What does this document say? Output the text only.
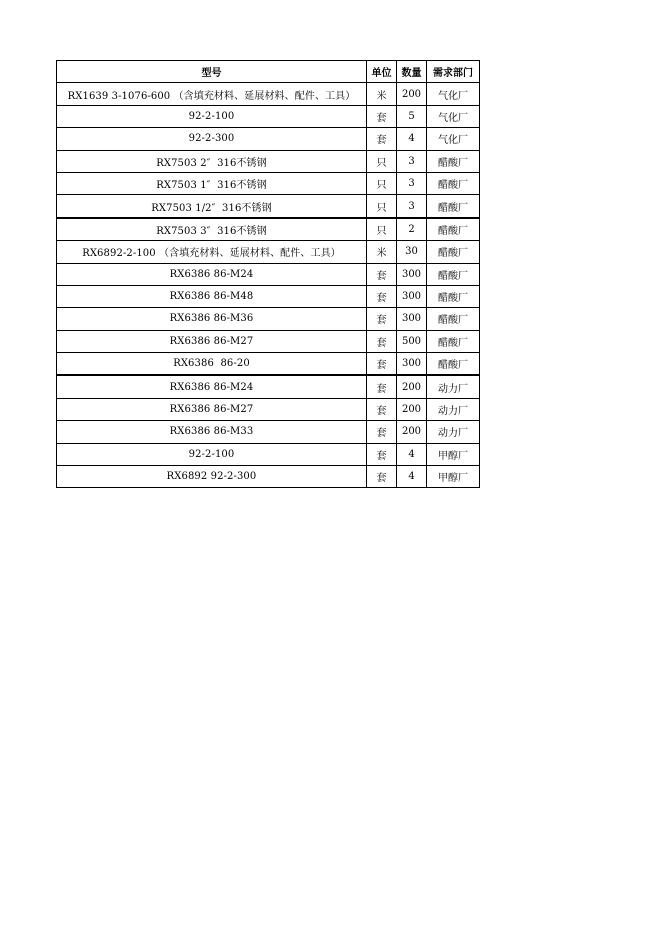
型号	单位	数量	需求部门
RX1639 3-1076-600 （含填充材料、延展材料、配件、工具）	米	200	气化厂
92-2-100	套	5	气化厂
92-2-300	套	4	气化厂
RX7503 2″  316不锈钢	只	3	醋酸厂
RX7503 1″  316不锈钢	只	3	醋酸厂
RX7503 1/2″  316不锈钢	只	3	醋酸厂
RX7503 3″  316不锈钢	只	2	醋酸厂
RX6892-2-100 （含填充材料、延展材料、配件、工具）	米	30	醋酸厂
RX6386 86-M24	套	300	醋酸厂
RX6386 86-M48	套	300	醋酸厂
RX6386 86-M36	套	300	醋酸厂
RX6386 86-M27	套	500	醋酸厂
RX6386  86-20	套	300	醋酸厂
RX6386 86-M24	套	200	动力厂
RX6386 86-M27	套	200	动力厂
RX6386 86-M33	套	200	动力厂
92-2-100	套	4	甲醇厂
RX6892 92-2-300	套	4	甲醇厂
